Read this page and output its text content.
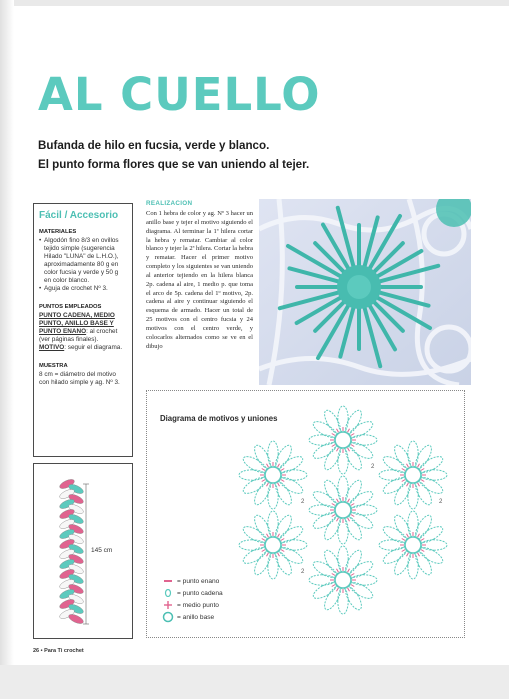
AL CUELLO
Bufanda de hilo en fucsia, verde y blanco.
El punto forma flores que se van uniendo al tejer.
Fácil / Accesorio
MATERIALES
• Algodón fino 8/3 en ovillos tejido simple (sugerencia Hilado "LUNA" de L.H.O.), aproximadamente 80 g en color fucsia y verde y 50 g en color blanco.

• Aguja de crochet Nº 3.

PUNTOS EMPLEADOS

PUNTO CADENA, MEDIO PUNTO, ANILLO BASE Y PUNTO ENANO: al crochet (ver páginas finales).

MOTIVO: seguir el diagrama.

MUESTRA

8 cm = diámetro del motivo con hilado simple y ag. Nº 3.

REALIZACION

Con 1 hebra de color y ag. Nº 3 hacer un anillo base y tejer el motivo siguiendo el diagrama. Al terminar la 1ª hilera cortar la hebra y rematar. Cambiar al color blanco y tejer la 2ª hilera. Cortar la hebra y rematar. Hacer el primer motivo completo y los siguientes se van uniendo al anterior tejiendo en la hilera blanca 2p. cadena al aire, 1 medio p. que toma el arco de 5p. cadena del 1º motivo, 2p. cadena al aire y continuar siguiendo el esquema de armado. Hacer un total de 25 motivos con el centro fucsia y 24 motivos con el centro verde, y colocarlos alternados como se ve en el dibujo

Diagrama de motivos y uniones
2
2	2
2
= punto enano
= punto cadena
= medio punto
= anillo base
145 cm
26 • Para Ti crochet
